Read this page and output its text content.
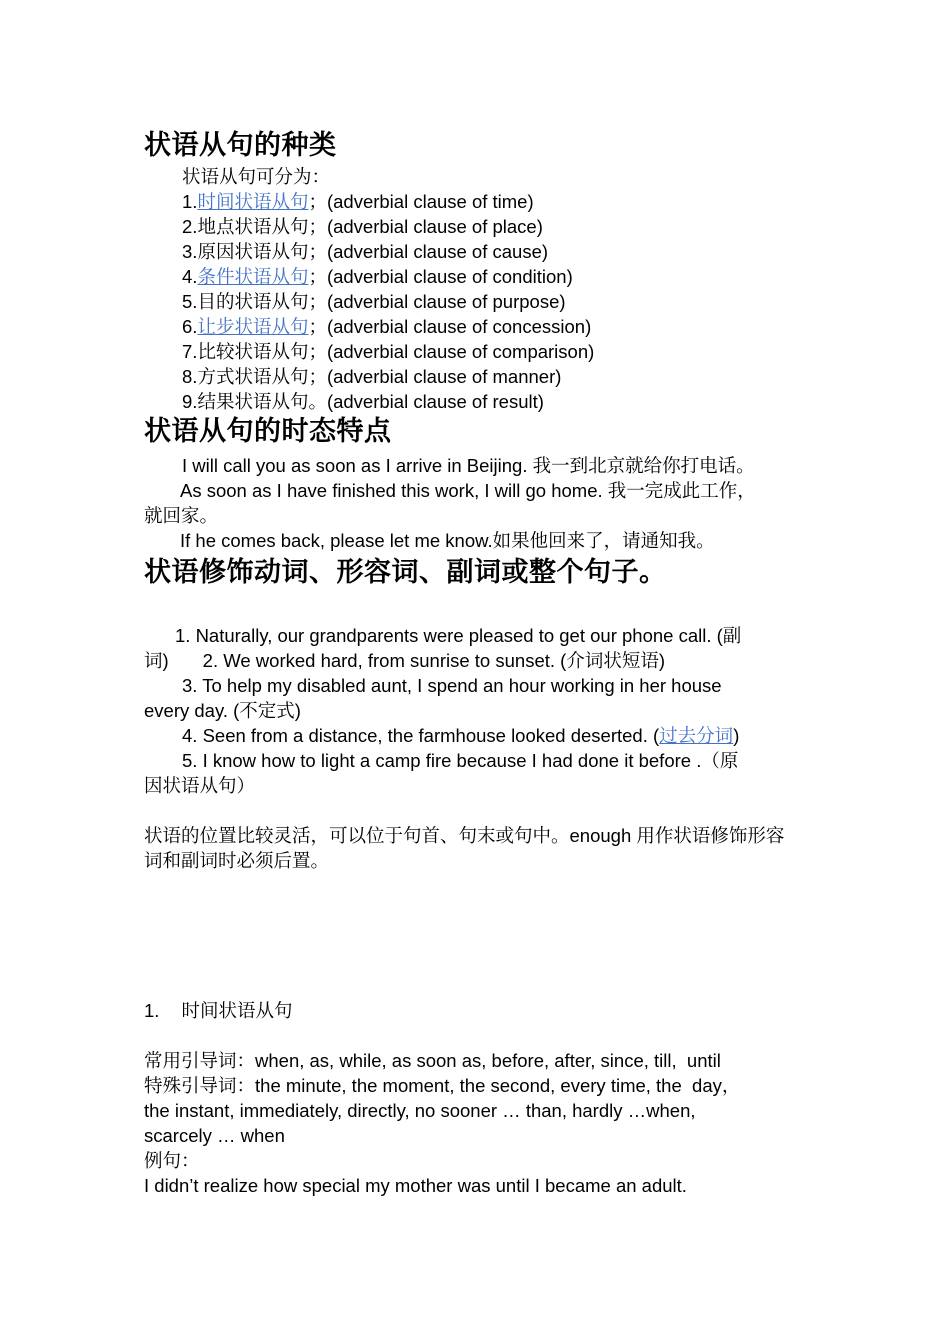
状语从句的种类
状语从句可分为：
1.时间状语从句；(adverbial clause of time)
2.地点状语从句；(adverbial clause of place)
3.原因状语从句；(adverbial clause of cause)
4.条件状语从句；(adverbial clause of condition)
5.目的状语从句；(adverbial clause of purpose)
6.让步状语从句；(adverbial clause of concession)
7.比较状语从句；(adverbial clause of comparison)
8.方式状语从句；(adverbial clause of manner)
9.结果状语从句。(adverbial clause of result)
状语从句的时态特点
I will call you as soon as I arrive in Beijing. 我一到北京就给你打电话。
As soon as I have finished this work, I will go home. 我一完成此工作，
就回家。
If he comes back, please let me know.如果他回来了，请通知我。
状语修饰动词、形容词、副词或整个句子。
1. Naturally, our grandparents were pleased to get our phone call. (副
词) 2. We worked hard, from sunrise to sunset. (介词状短语)
3. To help my disabled aunt, I spend an hour working in her house
every day. (不定式)
4. Seen from a distance, the farmhouse looked deserted. (过去分词)
5. I know how to light a camp fire because I had done it before .（原
因状语从句）
状语的位置比较灵活，可以位于句首、句末或句中。enough 用作状语修饰形容
词和副词时必须后置。
1. 时间状语从句
常用引导词：when, as, while, as soon as, before, after, since, till,  until
特殊引导词：the minute, the moment, the second, every time, the  day，
the instant, immediately, directly, no sooner … than, hardly …when,
scarcely … when
例句：
I didn’t realize how special my mother was until I became an adult.
